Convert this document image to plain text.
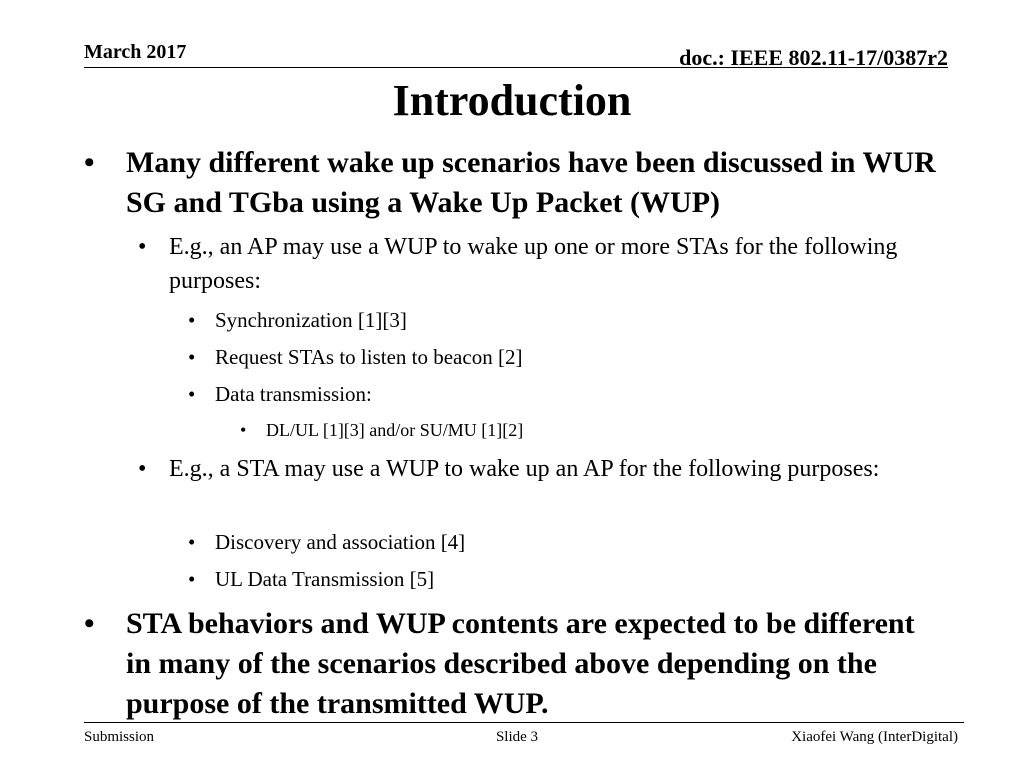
March 2017	doc.: IEEE 802.11-17/0387r2
Introduction
• Many different wake up scenarios have been discussed in WUR SG and TGba using a Wake Up Packet (WUP)
• E.g., an AP may use a WUP to wake up one or more STAs for the following purposes:
• Synchronization [1][3]
• Request STAs to listen to beacon [2]
• Data transmission:
• DL/UL [1][3] and/or SU/MU [1][2]
• E.g., a STA may use a WUP to wake up an AP for the following purposes:
• Discovery and association [4]
• UL Data Transmission [5]
• STA behaviors and WUP contents are expected to be different in many of the scenarios described above depending on the purpose of the transmitted WUP.
Submission	Slide 3	Xiaofei Wang (InterDigital)
